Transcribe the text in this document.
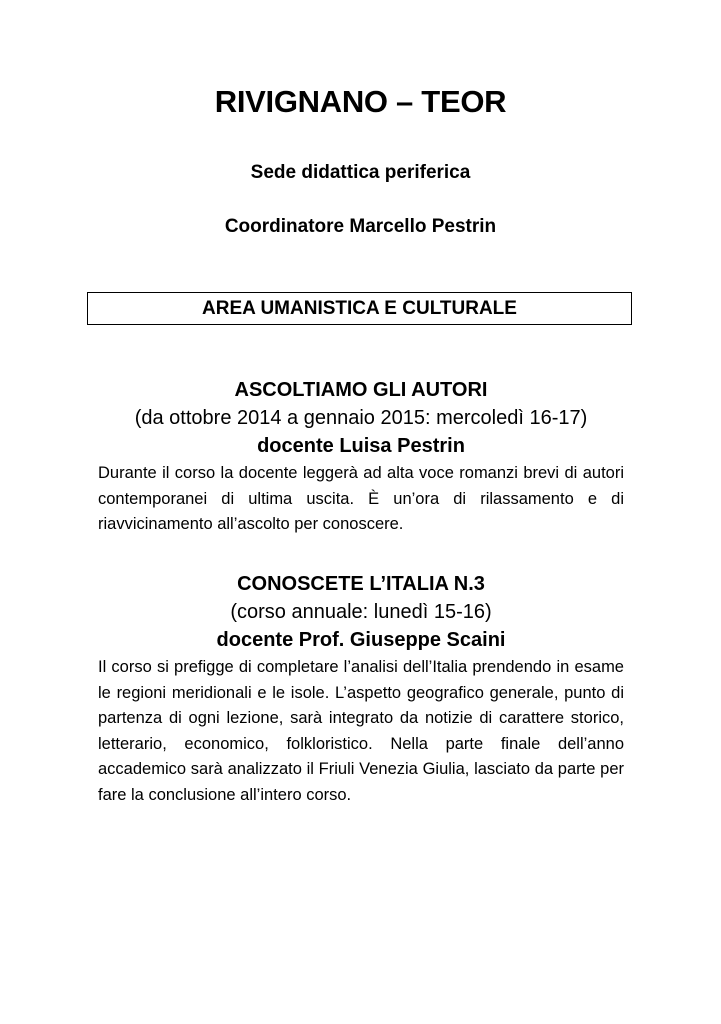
RIVIGNANO – TEOR
Sede didattica periferica
Coordinatore Marcello Pestrin
AREA UMANISTICA E CULTURALE
ASCOLTIAMO GLI AUTORI
(da ottobre 2014 a gennaio 2015: mercoledì 16-17)
docente Luisa Pestrin
Durante il corso la docente leggerà ad alta voce romanzi brevi di autori contemporanei di ultima uscita. È un’ora di rilassamento e di riavvicinamento all’ascolto per conoscere.
CONOSCETE L’ITALIA N.3
(corso annuale: lunedì 15-16)
docente Prof. Giuseppe Scaini
Il corso si prefigge di completare l’analisi dell’Italia prendendo in esame le regioni meridionali e le isole. L’aspetto geografico generale, punto di partenza di ogni lezione, sarà integrato da notizie di carattere storico, letterario, economico, folkloristico. Nella parte finale dell’anno accademico sarà analizzato il Friuli Venezia Giulia, lasciato da parte per fare la conclusione all’intero corso.
